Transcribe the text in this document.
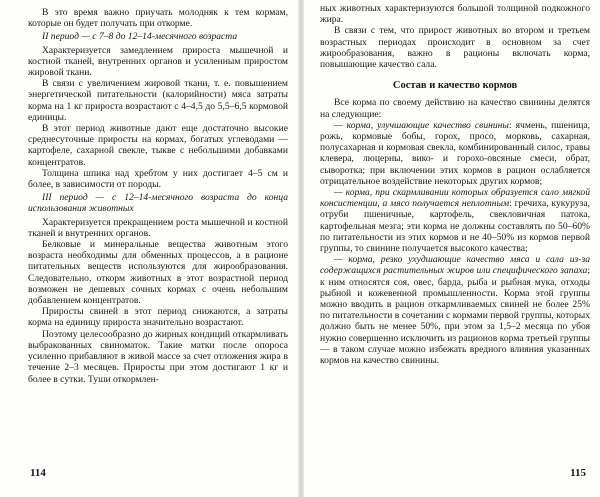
В это время важно приучать молодняк к тем кормам, которые он будет получать при откорме.

II период — с 7–8 до 12–14-месячного возраста

Характеризуется замедлением прироста мышечной и костной тканей, внутренних органов и усиленным приростом жировой ткани.

В связи с увеличением жировой ткани, т. е. повышением энергетической питательности (калорийности) мяса затраты корма на 1 кг прироста возрастают с 4–4,5 до 5,5–6,5 кормовой единицы.

В этот период животные дают еще достаточно высокие среднесуточные приросты на кормах, богатых углеводами — картофеле, сахарной свекле, тыкве с небольшими добавками концентратов.

Толщина шпика над хребтом у них достигает 4–5 см и более, в зависимости от породы.

III период — с 12–14-месячного возраста до конца использования животных

Характеризуется прекращением роста мышечной и костной тканей и внутренних органов.

Белковые и минеральные вещества животным этого возраста необходимы для обменных процессов, а в рационе питательных веществ используются для жирообразования. Следовательно, откорм животных в этот возрастной период возможен не дешевых сочных кормах с очень небольшим добавлением концентратов.

Приросты свиней в этот период снижаются, а затраты корма на единицу прироста значительно возрастают.

Поэтому целесообразно до жирных кондиций откармливать выбракованных свиноматок. Такие матки после опороса усиленно прибавляют в живой массе за счет отложения жира в течение 2–3 месяцев. Приросты при этом достигают 1 кг и более в сутки. Туши откормлен-

114

ных животных характеризуются большой толщиной подкожного жира.

В связи с тем, что прирост животных во втором и третьем возрастных периодах происходит в основном за счет жирообразования, важно в рационы включать корма, повышающие качество сала.

Состав и качество кормов

Все корма по своему действию на качество свинины делятся на следующие:

— корма, улучшающие качество свинины: ячмень, пшеница, рожь, кормовые бобы, горох, просо, морковь, сахарная, полусахарная и кормовая свекла, комбинированный силос, травы клевера, люцерны, вико- и горохо-овсяные смеси, обрат, сыворотка; при включении этих кормов в рацион ослабляется отрицательное воздействие некоторых других кормов;

— корма, при скармливании которых образуется сало мягкой консистенции, а мясо получается неплотным: гречиха, кукуруза, отруби пшеничные, картофель, свекловичная патока, картофельная мезга; эти корма не должны составлять по 50–60% по питательности из этих кормов и не 40–50% из кормов первой группы, то свинине получается высокого качества;

— корма, резко ухудшающие качество мяса и сала из-за содержащихся растительных жиров или специфического запаха; к ним относятся соя, овес, барда, рыба и рыбная мука, отходы рыбной и кожевенной промышленности. Корма этой группы можно вводить в рацион откармливаемых свиней не более 25% по питательности в сочетании с кормами первой группы, которых должно быть не менее 50%, при этом за 1,5–2 месяца по убоя нужно совершенно исключить из рационов корма третьей группы — в таком случае можно избежать вредного влияния указанных кормов на качество свинины.

115
